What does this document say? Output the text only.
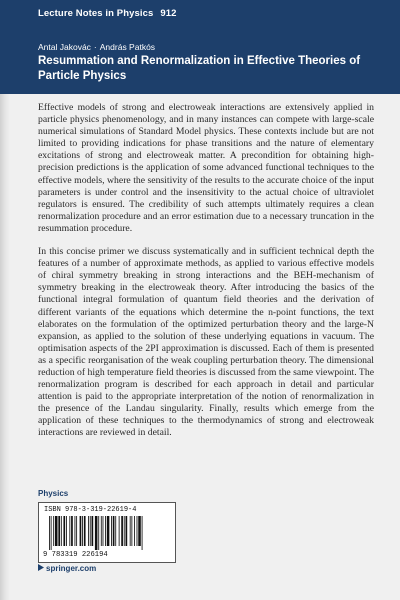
Lecture Notes in Physics 912
Antal Jakovác · András Patkós
Resummation and Renormalization in Effective Theories of Particle Physics

Effective models of strong and electroweak interactions are extensively applied in particle physics phenomenology, and in many instances can compete with large-scale numerical simulations of Standard Model physics. These contexts include but are not limited to providing indications for phase transitions and the nature of elementary excitations of strong and electroweak matter. A precondition for obtaining high-precision predictions is the application of some advanced functional techniques to the effective models, where the sensitivity of the results to the accurate choice of the input parameters is under control and the insensitivity to the actual choice of ultraviolet regulators is ensured. The credibility of such attempts ultimately requires a clean renormalization procedure and an error estimation due to a necessary truncation in the resummation procedure.

In this concise primer we discuss systematically and in sufficient technical depth the features of a number of approximate methods, as applied to various effective models of chiral symmetry breaking in strong interactions and the BEH-mechanism of symmetry breaking in the electroweak theory. After introducing the basics of the functional integral formulation of quantum field theories and the derivation of different variants of the equations which determine the n-point functions, the text elaborates on the formulation of the optimized perturbation theory and the large-N expansion, as applied to the solution of these underlying equations in vacuum. The optimisation aspects of the 2PI approximation is discussed. Each of them is presented as a specific reorganisation of the weak coupling perturbation theory. The dimensional reduction of high temperature field theories is discussed from the same viewpoint. The renormalization program is described for each approach in detail and particular attention is paid to the appropriate interpretation of the notion of renormalization in the presence of the Landau singularity. Finally, results which emerge from the application of these techniques to the thermodynamics of strong and electroweak interactions are reviewed in detail.

Physics
ISBN 978-3-319-22619-4
9 783319 226194
springer.com
